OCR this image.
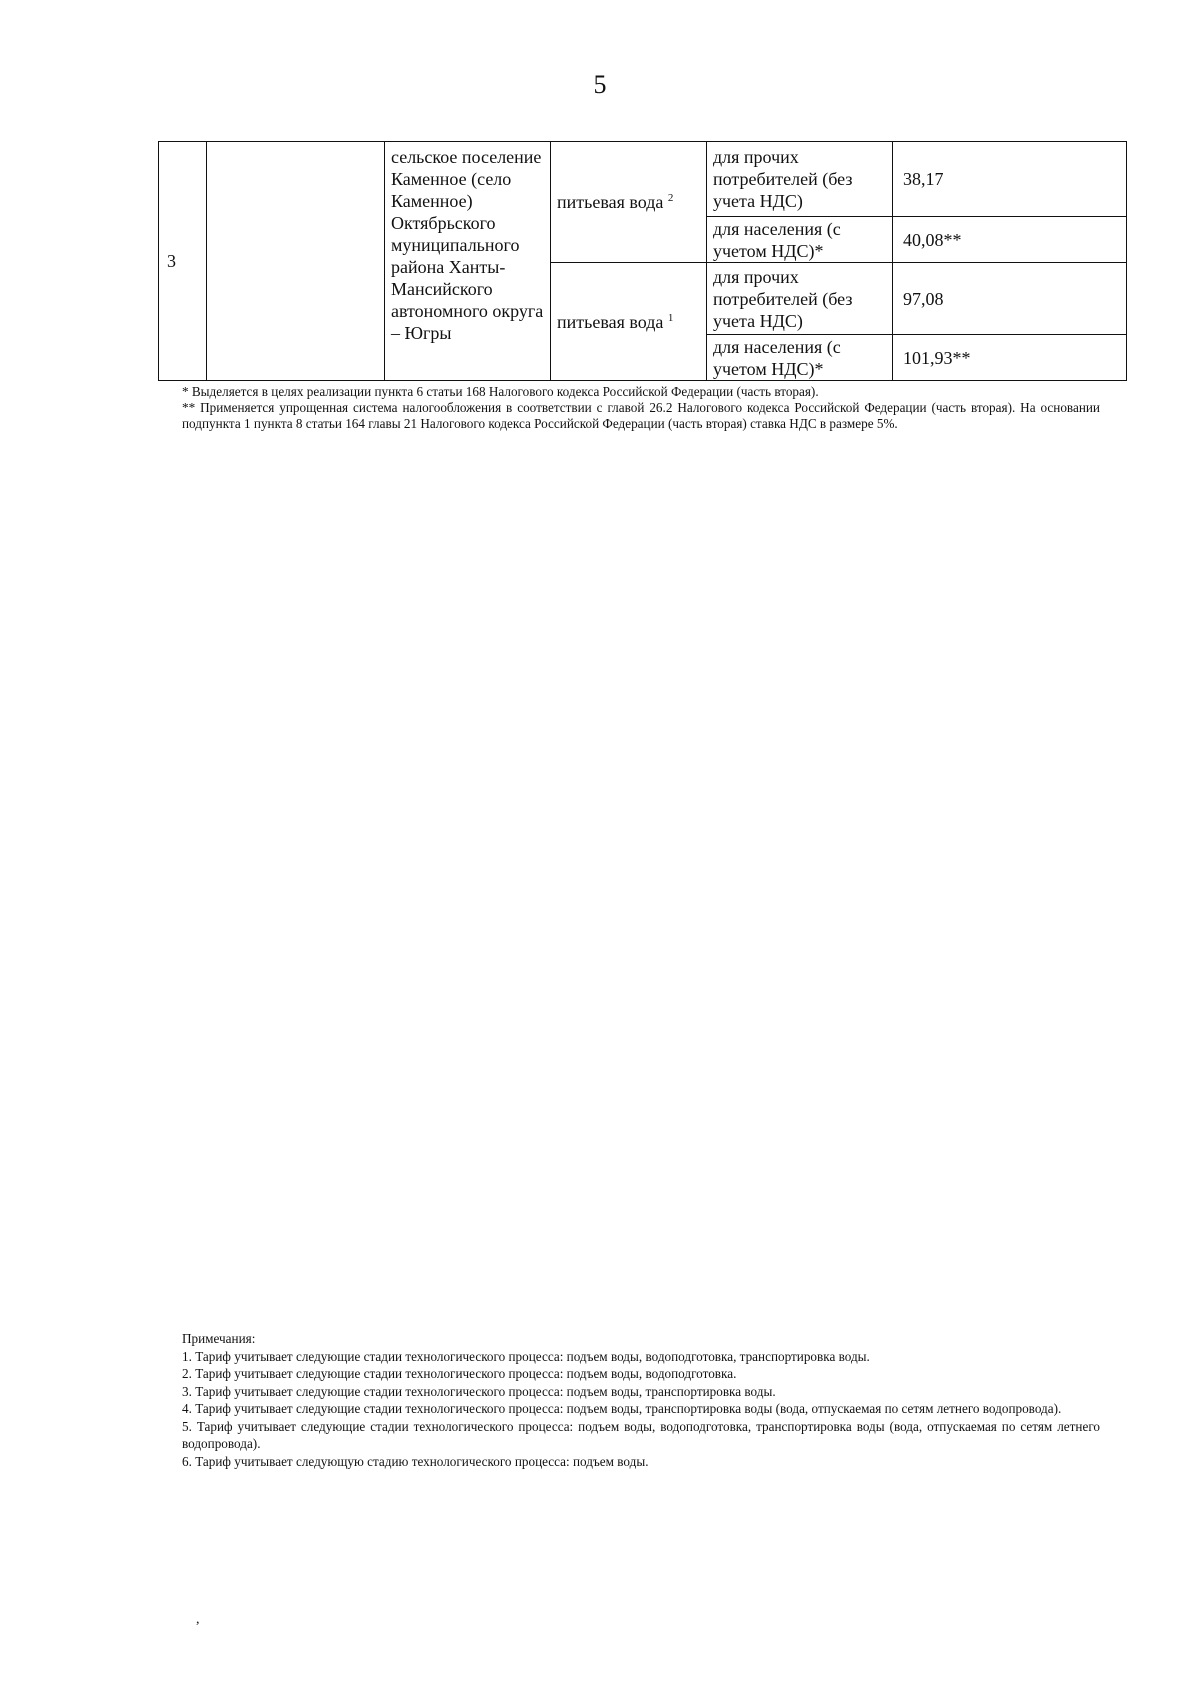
5
3		сельское поселение Каменное (село Каменное) Октябрьского муниципального района Ханты-Мансийского автономного округа – Югры	питьевая вода $^2$	для прочих потребителей (без учета НДС)	38,17
				для населения (с учетом НДС)*	40,08**
			питьевая вода $^1$	для прочих потребителей (без учета НДС)	97,08
				для населения (с учетом НДС)*	101,93**

* Выделяется в целях реализации пункта 6 статьи 168 Налогового кодекса Российской Федерации (часть вторая).

** Применяется упрощенная система налогообложения в соответствии с главой 26.2 Налогового кодекса Российской Федерации (часть вторая). На основании подпункта 1 пункта 8 статьи 164 главы 21 Налогового кодекса Российской Федерации (часть вторая) ставка НДС в размере 5%.

Примечания:

1. Тариф учитывает следующие стадии технологического процесса: подъем воды, водоподготовка, транспортировка воды.

2. Тариф учитывает следующие стадии технологического процесса: подъем воды, водоподготовка.

3. Тариф учитывает следующие стадии технологического процесса: подъем воды, транспортировка воды.

4. Тариф учитывает следующие стадии технологического процесса: подъем воды, транспортировка воды (вода, отпускаемая по сетям летнего водопровода).

5. Тариф учитывает следующие стадии технологического процесса: подъем воды, водоподготовка, транспортировка воды (вода, отпускаемая по сетям летнего водопровода).

6. Тариф учитывает следующую стадию технологического процесса: подъем воды.

,
